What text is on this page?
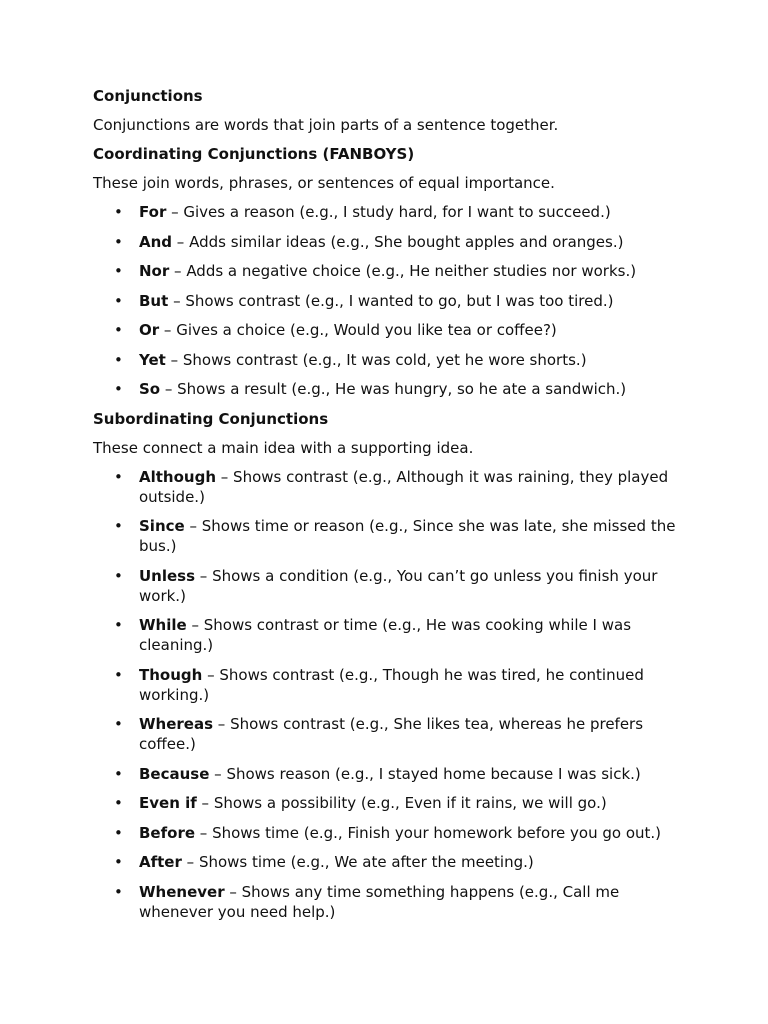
Conjunctions
Conjunctions are words that join parts of a sentence together.
Coordinating Conjunctions (FANBOYS)
These join words, phrases, or sentences of equal importance.
• For – Gives a reason (e.g., I study hard, for I want to succeed.)
• And – Adds similar ideas (e.g., She bought apples and oranges.)
• Nor – Adds a negative choice (e.g., He neither studies nor works.)
• But – Shows contrast (e.g., I wanted to go, but I was too tired.)
• Or – Gives a choice (e.g., Would you like tea or coffee?)
• Yet – Shows contrast (e.g., It was cold, yet he wore shorts.)
• So – Shows a result (e.g., He was hungry, so he ate a sandwich.)
Subordinating Conjunctions
These connect a main idea with a supporting idea.
• Although – Shows contrast (e.g., Although it was raining, they played outside.)
• Since – Shows time or reason (e.g., Since she was late, she missed the bus.)
• Unless – Shows a condition (e.g., You can’t go unless you finish your work.)
• While – Shows contrast or time (e.g., He was cooking while I was cleaning.)
• Though – Shows contrast (e.g., Though he was tired, he continued working.)
• Whereas – Shows contrast (e.g., She likes tea, whereas he prefers coffee.)
• Because – Shows reason (e.g., I stayed home because I was sick.)
• Even if – Shows a possibility (e.g., Even if it rains, we will go.)
• Before – Shows time (e.g., Finish your homework before you go out.)
• After – Shows time (e.g., We ate after the meeting.)
• Whenever – Shows any time something happens (e.g., Call me whenever you need help.)
